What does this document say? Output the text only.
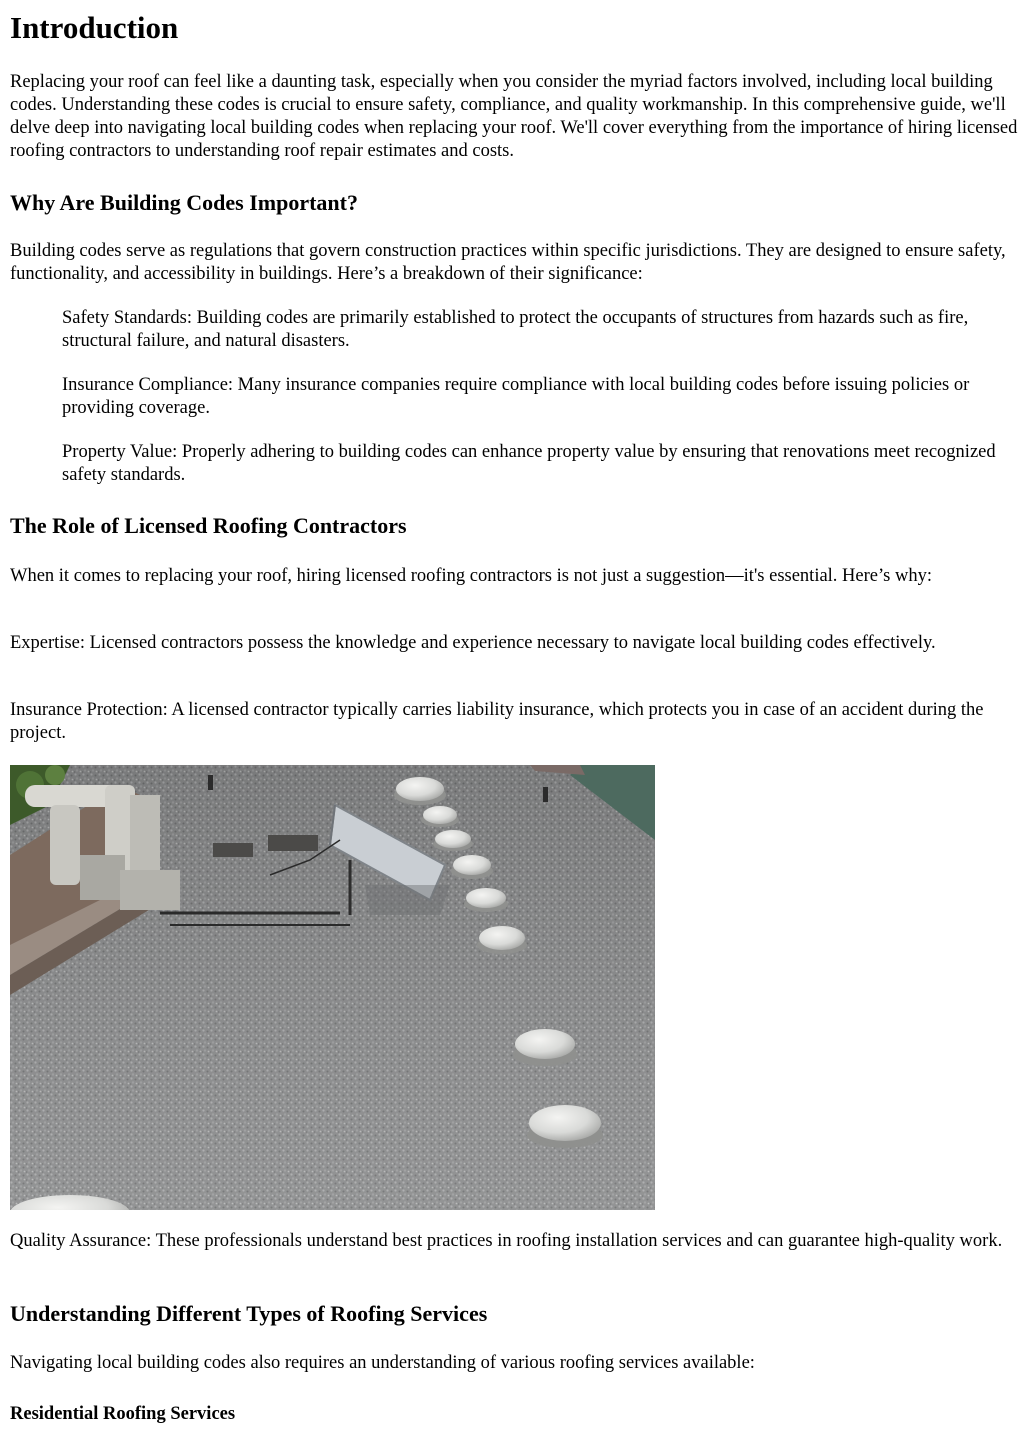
Introduction

Replacing your roof can feel like a daunting task, especially when you consider the myriad factors involved, including local building codes. Understanding these codes is crucial to ensure safety, compliance, and quality workmanship. In this comprehensive guide, we'll delve deep into navigating local building codes when replacing your roof. We'll cover everything from the importance of hiring licensed roofing contractors to understanding roof repair estimates and costs.

Why Are Building Codes Important?

Building codes serve as regulations that govern construction practices within specific jurisdictions. They are designed to ensure safety, functionality, and accessibility in buildings. Here’s a breakdown of their significance:

Safety Standards: Building codes are primarily established to protect the occupants of structures from hazards such as fire, structural failure, and natural disasters.

Insurance Compliance: Many insurance companies require compliance with local building codes before issuing policies or providing coverage.

Property Value: Properly adhering to building codes can enhance property value by ensuring that renovations meet recognized safety standards.

The Role of Licensed Roofing Contractors

When it comes to replacing your roof, hiring licensed roofing contractors is not just a suggestion—it's essential. Here’s why:

Expertise: Licensed contractors possess the knowledge and experience necessary to navigate local building codes effectively.

Insurance Protection: A licensed contractor typically carries liability insurance, which protects you in case of an accident during the project.

Quality Assurance: These professionals understand best practices in roofing installation services and can guarantee high-quality work.

Understanding Different Types of Roofing Services

Navigating local building codes also requires an understanding of various roofing services available:

Residential Roofing Services
